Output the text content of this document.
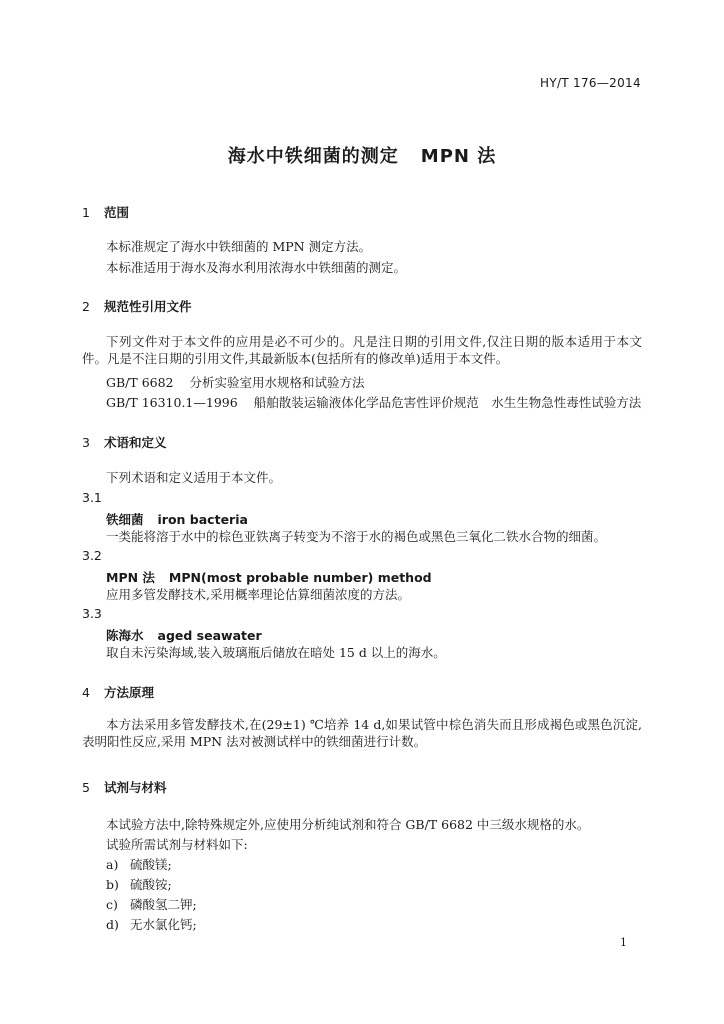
HY/T 176—2014
海水中铁细菌的测定 MPN 法
1 范围
本标准规定了海水中铁细菌的 MPN 测定方法。
本标准适用于海水及海水利用浓海水中铁细菌的测定。
2 规范性引用文件
下列文件对于本文件的应用是必不可少的。凡是注日期的引用文件,仅注日期的版本适用于本文件。凡是不注日期的引用文件,其最新版本(包括所有的修改单)适用于本文件。
GB/T 6682 分析实验室用水规格和试验方法
GB/T 16310.1—1996 船舶散装运输液体化学品危害性评价规范　水生生物急性毒性试验方法
3 术语和定义
下列术语和定义适用于本文件。
3.1
铁细菌 iron bacteria
一类能将溶于水中的棕色亚铁离子转变为不溶于水的褐色或黑色三氧化二铁水合物的细菌。
3.2
MPN 法 MPN(most probable number) method
应用多管发酵技术,采用概率理论估算细菌浓度的方法。
3.3
陈海水 aged seawater
取自未污染海域,装入玻璃瓶后储放在暗处 15 d 以上的海水。
4 方法原理
本方法采用多管发酵技术,在(29±1) ℃培养 14 d,如果试管中棕色消失而且形成褐色或黑色沉淀,表明阳性反应,采用 MPN 法对被测试样中的铁细菌进行计数。
5 试剂与材料
本试验方法中,除特殊规定外,应使用分析纯试剂和符合 GB/T 6682 中三级水规格的水。
试验所需试剂与材料如下:
a) 硫酸镁;
b) 硫酸铵;
c) 磷酸氢二钾;
d) 无水氯化钙;
1
